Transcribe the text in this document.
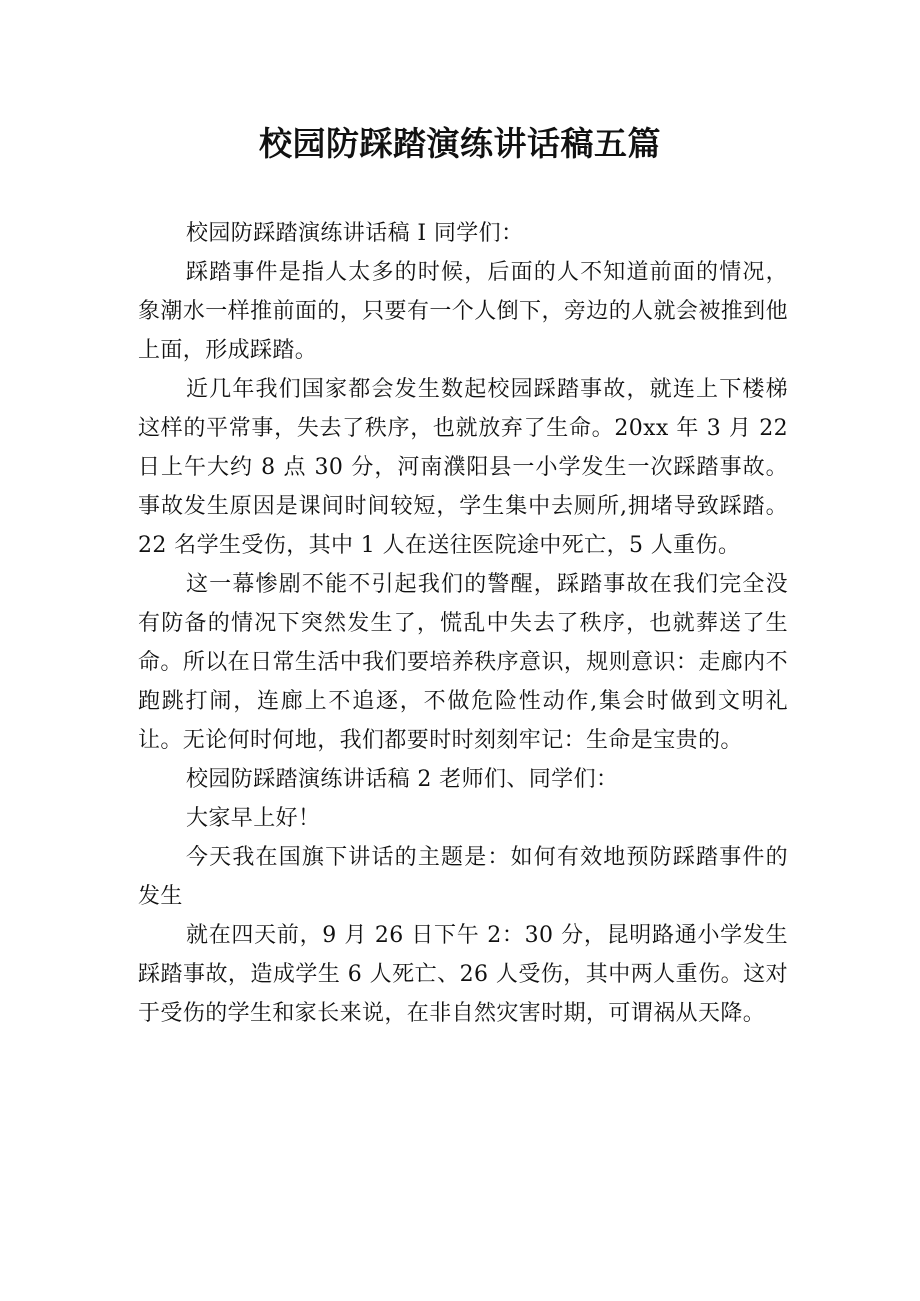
校园防踩踏演练讲话稿五篇

校园防踩踏演练讲话稿 I 同学们：

踩踏事件是指人太多的时候，后面的人不知道前面的情况，象潮水一样推前面的，只要有一个人倒下，旁边的人就会被推到他上面，形成踩踏。

近几年我们国家都会发生数起校园踩踏事故，就连上下楼梯这样的平常事，失去了秩序，也就放弃了生命。20xx 年 3 月 22 日上午大约 8 点 30 分，河南濮阳县一小学发生一次踩踏事故。事故发生原因是课间时间较短，学生集中去厕所,拥堵导致踩踏。22 名学生受伤，其中 1 人在送往医院途中死亡，5 人重伤。

这一幕惨剧不能不引起我们的警醒，踩踏事故在我们完全没有防备的情况下突然发生了，慌乱中失去了秩序，也就葬送了生命。所以在日常生活中我们要培养秩序意识，规则意识：走廊内不跑跳打闹，连廊上不追逐，不做危险性动作,集会时做到文明礼让。无论何时何地，我们都要时时刻刻牢记：生命是宝贵的。

校园防踩踏演练讲话稿 2 老师们、同学们：

大家早上好！

今天我在国旗下讲话的主题是：如何有效地预防踩踏事件的发生

就在四天前，9 月 26 日下午 2：30 分，昆明路通小学发生踩踏事故，造成学生 6 人死亡、26 人受伤，其中两人重伤。这对于受伤的学生和家长来说，在非自然灾害时期，可谓祸从天降。
